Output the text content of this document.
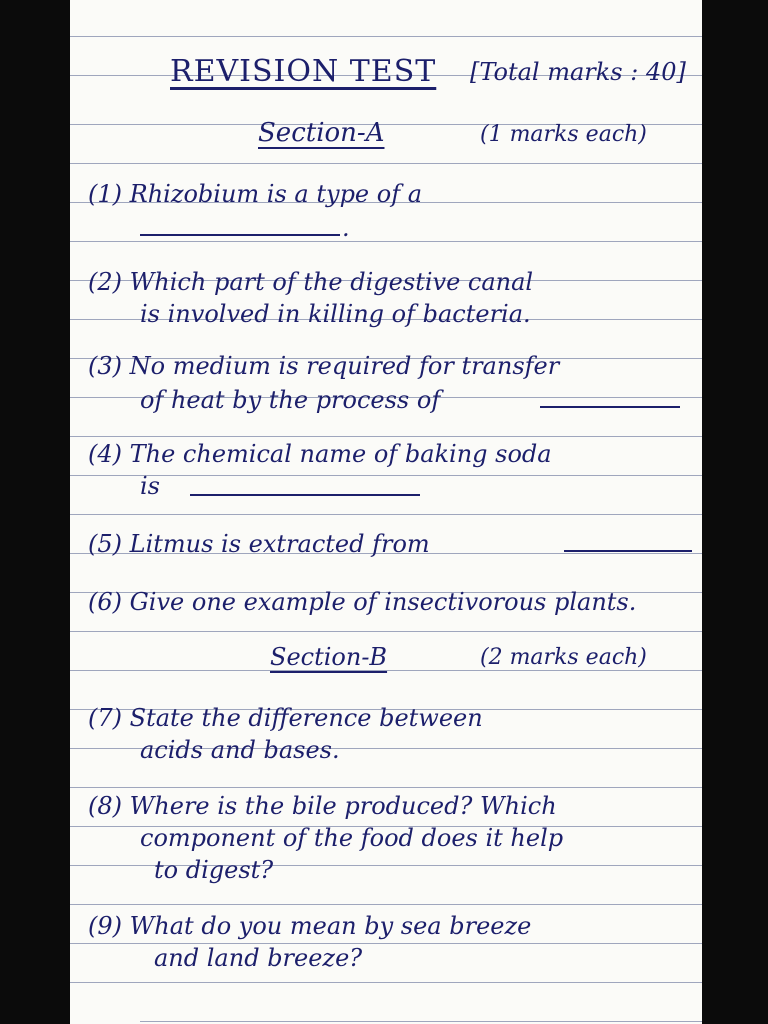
REVISION TEST [Total marks : 40]
Section-A	(1 marks each)
(1) Rhizobium is a type of a
.
(2) Which part of the digestive canal
is involved in killing of bacteria.
(3) No medium is required for transfer
of heat by the process of
(4) The chemical name of baking soda
is
(5) Litmus is extracted from
(6) Give one example of insectivorous plants.
Section-B	(2 marks each)
(7) State the difference between
acids and bases.
(8) Where is the bile produced? Which
component of the food does it help
to digest?
(9) What do you mean by sea breeze
and land breeze?
